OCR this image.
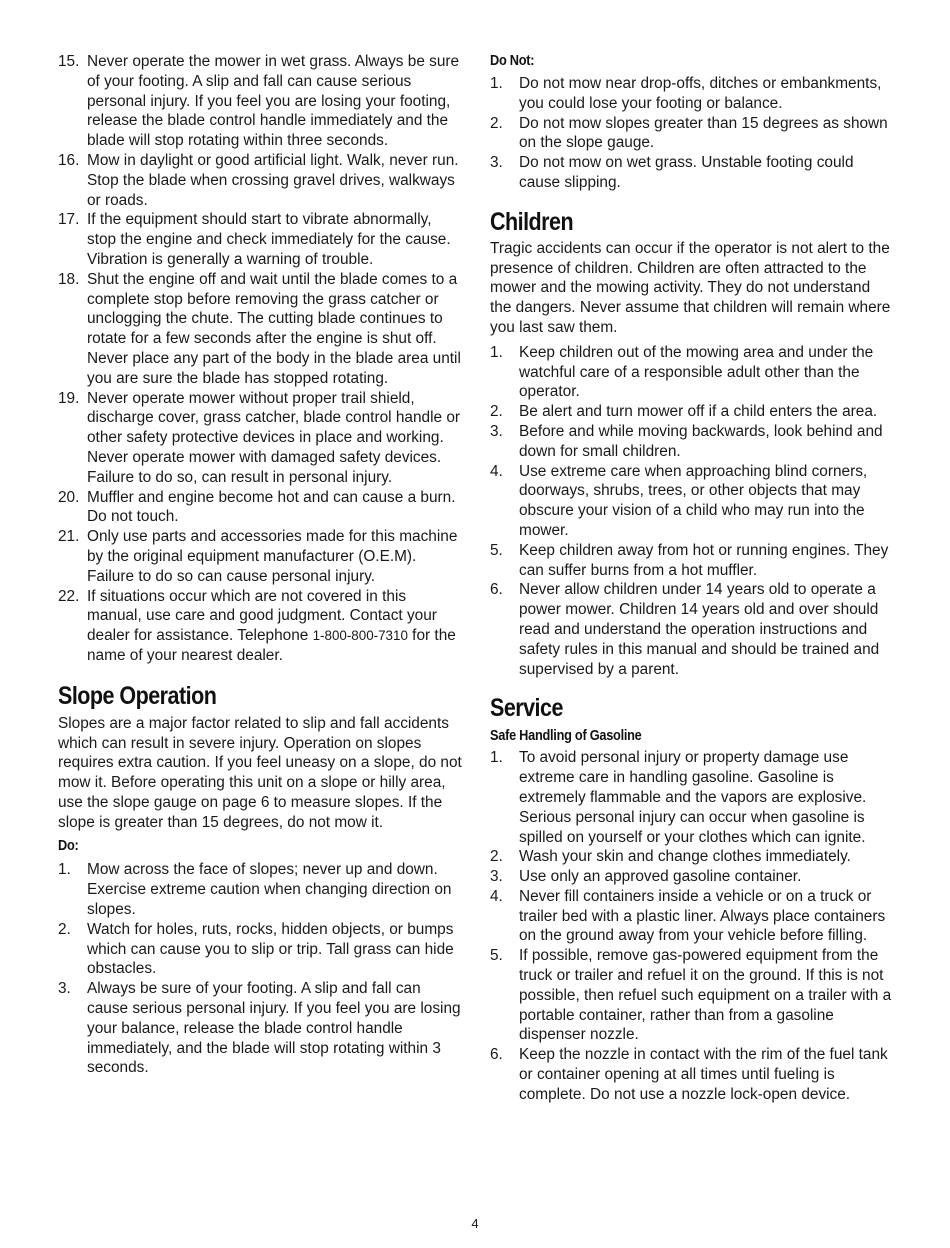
15. Never operate the mower in wet grass. Always be sure of your footing. A slip and fall can cause serious personal injury. If you feel you are losing your footing, release the blade control handle immediately and the blade will stop rotating within three seconds.
16. Mow in daylight or good artificial light. Walk, never run. Stop the blade when crossing gravel drives, walkways or roads.
17. If the equipment should start to vibrate abnormally, stop the engine and check immediately for the cause. Vibration is generally a warning of trouble.
18. Shut the engine off and wait until the blade comes to a complete stop before removing the grass catcher or unclogging the chute. The cutting blade continues to rotate for a few seconds after the engine is shut off. Never place any part of the body in the blade area until you are sure the blade has stopped rotating.
19. Never operate mower without proper trail shield, discharge cover, grass catcher, blade control handle or other safety protective devices in place and working. Never operate mower with damaged safety devices. Failure to do so, can result in personal injury.
20. Muffler and engine become hot and can cause a burn. Do not touch.
21. Only use parts and accessories made for this machine by the original equipment manufacturer (O.E.M). Failure to do so can cause personal injury.
22. If situations occur which are not covered in this manual, use care and good judgment. Contact your dealer for assistance. Telephone 1-800-800-7310 for the name of your nearest dealer.
Slope Operation

Slopes are a major factor related to slip and fall accidents which can result in severe injury. Operation on slopes requires extra caution. If you feel uneasy on a slope, do not mow it. Before operating this unit on a slope or hilly area, use the slope gauge on page 6 to measure slopes. If the slope is greater than 15 degrees, do not mow it.

Do:
1. Mow across the face of slopes; never up and down. Exercise extreme caution when changing direction on slopes.
2. Watch for holes, ruts, rocks, hidden objects, or bumps which can cause you to slip or trip. Tall grass can hide obstacles.
3. Always be sure of your footing. A slip and fall can cause serious personal injury. If you feel you are losing your balance, release the blade control handle immediately, and the blade will stop rotating within 3 seconds.
Do Not:
1. Do not mow near drop-offs, ditches or embankments, you could lose your footing or balance.
2. Do not mow slopes greater than 15 degrees as shown on the slope gauge.
3. Do not mow on wet grass. Unstable footing could cause slipping.
Children

Tragic accidents can occur if the operator is not alert to the presence of children. Children are often attracted to the mower and the mowing activity. They do not understand the dangers. Never assume that children will remain where you last saw them.

1. Keep children out of the mowing area and under the watchful care of a responsible adult other than the operator.
2. Be alert and turn mower off if a child enters the area.
3. Before and while moving backwards, look behind and down for small children.
4. Use extreme care when approaching blind corners, doorways, shrubs, trees, or other objects that may obscure your vision of a child who may run into the mower.
5. Keep children away from hot or running engines. They can suffer burns from a hot muffler.
6. Never allow children under 14 years old to operate a power mower. Children 14 years old and over should read and understand the operation instructions and safety rules in this manual and should be trained and supervised by a parent.
Service
Safe Handling of Gasoline
1. To avoid personal injury or property damage use extreme care in handling gasoline. Gasoline is extremely flammable and the vapors are explosive. Serious personal injury can occur when gasoline is spilled on yourself or your clothes which can ignite.
2. Wash your skin and change clothes immediately.
3. Use only an approved gasoline container.
4. Never fill containers inside a vehicle or on a truck or trailer bed with a plastic liner. Always place containers on the ground away from your vehicle before filling.
5. If possible, remove gas-powered equipment from the truck or trailer and refuel it on the ground. If this is not possible, then refuel such equipment on a trailer with a portable container, rather than from a gasoline dispenser nozzle.
6. Keep the nozzle in contact with the rim of the fuel tank or container opening at all times until fueling is complete. Do not use a nozzle lock-open device.
4
